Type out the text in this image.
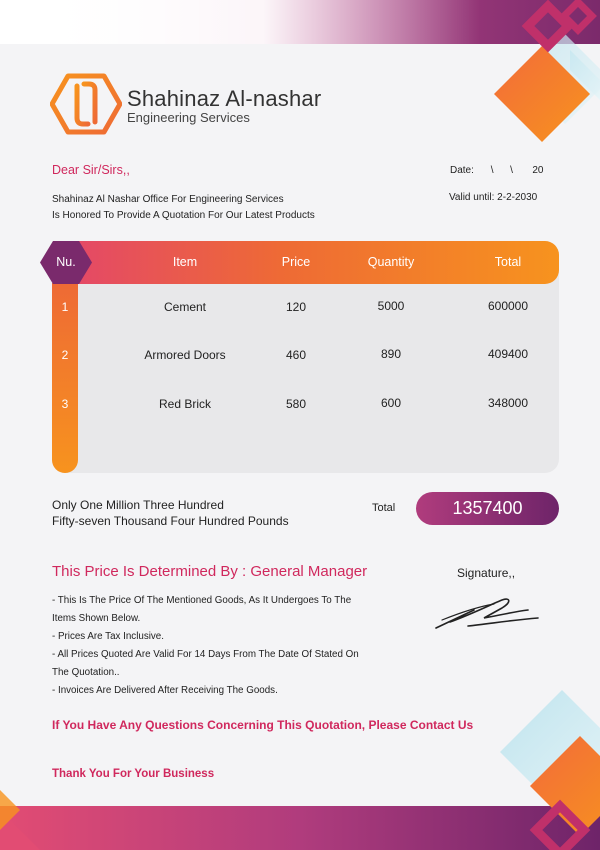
Shahinaz Al-nashar
Engineering Services
Dear Sir/Sirs,,	Date: \      \       20
Shahinaz Al Nashar Office For Engineering Services
Is Honored To Provide A Quotation For Our Latest Products
Valid until: 2-2-2030
Nu.	Item	Price	Quantity	Total
1	Cement	120	5000	600000
2	Armored Doors	460	890	409400
3	Red Brick	580	600	348000
Only One Million Three Hundred
Fifty-seven Thousand Four Hundred Pounds
Total	1357400
This Price Is Determined By : General Manager	Signature,,
- This Is The Price Of The Mentioned Goods, As It Undergoes To The
Items Shown Below.
- Prices Are Tax Inclusive.
- All Prices Quoted Are Valid For 14 Days From The Date Of Stated On
The Quotation..
- Invoices Are Delivered After Receiving The Goods.
If You Have Any Questions Concerning This Quotation, Please Contact Us
Thank You For Your Business
